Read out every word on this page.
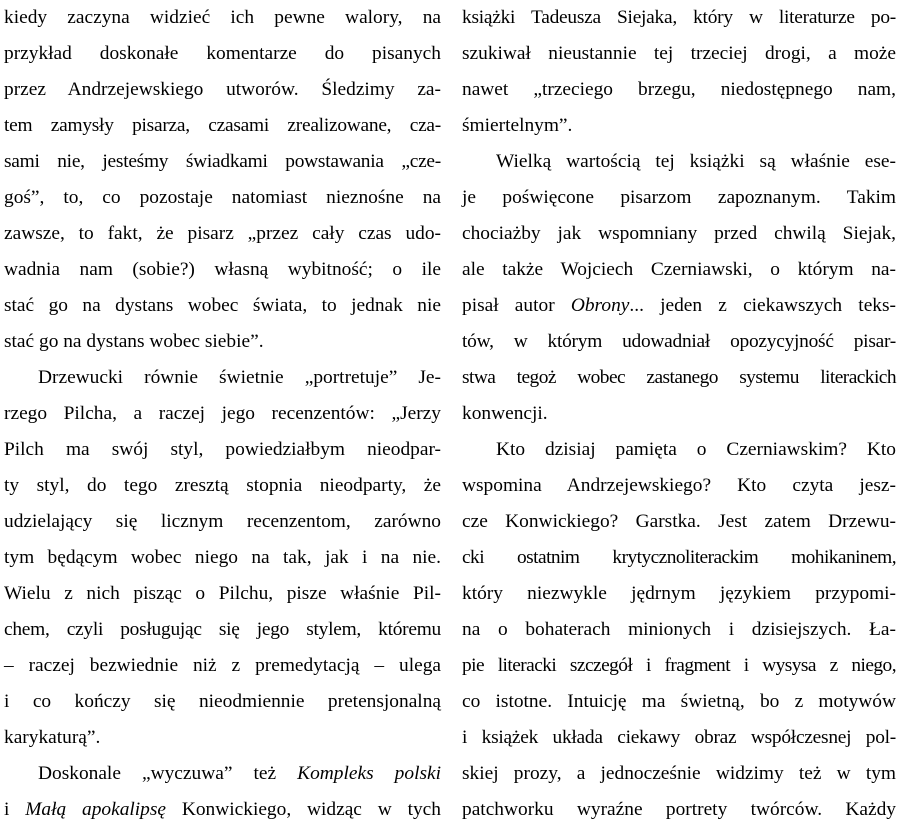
kiedy zaczyna widzieć ich pewne walory, na
przykład doskonałe komentarze do pisanych
przez Andrzejewskiego utworów. Śledzimy za-
tem zamysły pisarza, czasami zrealizowane, cza-
sami nie, jesteśmy świadkami powstawania „cze-
goś”, to, co pozostaje natomiast nieznośne na
zawsze, to fakt, że pisarz „przez cały czas udo-
wadnia nam (sobie?) własną wybitność; o ile
stać go na dystans wobec świata, to jednak nie
stać go na dystans wobec siebie”.
Drzewucki równie świetnie „portretuje” Je-
rzego Pilcha, a raczej jego recenzentów: „Jerzy
Pilch ma swój styl, powiedziałbym nieodpar-
ty styl, do tego zresztą stopnia nieodparty, że
udzielający się licznym recenzentom, zarówno
tym będącym wobec niego na tak, jak i na nie.
Wielu z nich pisząc o Pilchu, pisze właśnie Pil-
chem, czyli posługując się jego stylem, któremu
– raczej bezwiednie niż z premedytacją – ulega
i co kończy się nieodmiennie pretensjonalną
karykaturą”.
Doskonale „wyczuwa” też Kompleks polski
i Małą apokalipsę Konwickiego, widząc w tych
książki Tadeusza Siejaka, który w literaturze po-
szukiwał nieustannie tej trzeciej drogi, a może
nawet „trzeciego brzegu, niedostępnego nam,
śmiertelnym”.
Wielką wartością tej książki są właśnie ese-
je poświęcone pisarzom zapoznanym. Takim
chociażby jak wspomniany przed chwilą Siejak,
ale także Wojciech Czerniawski, o którym na-
pisał autor Obrony... jeden z ciekawszych teks-
tów, w którym udowadniał opozycyjność pisar-
stwa tegoż wobec zastanego systemu literackich
konwencji.
Kto dzisiaj pamięta o Czerniawskim? Kto
wspomina Andrzejewskiego? Kto czyta jesz-
cze Konwickiego? Garstka. Jest zatem Drzewu-
cki ostatnim krytycznoliterackim mohikaninem,
który niezwykle jędrnym językiem przypomi-
na o bohaterach minionych i dzisiejszych. Ła-
pie literacki szczegół i fragment i wysysa z niego,
co istotne. Intuicję ma świetną, bo z motywów
i książek układa ciekawy obraz współczesnej pol-
skiej prozy, a jednocześnie widzimy też w tym
patchworku wyraźne portrety twórców. Każdy
